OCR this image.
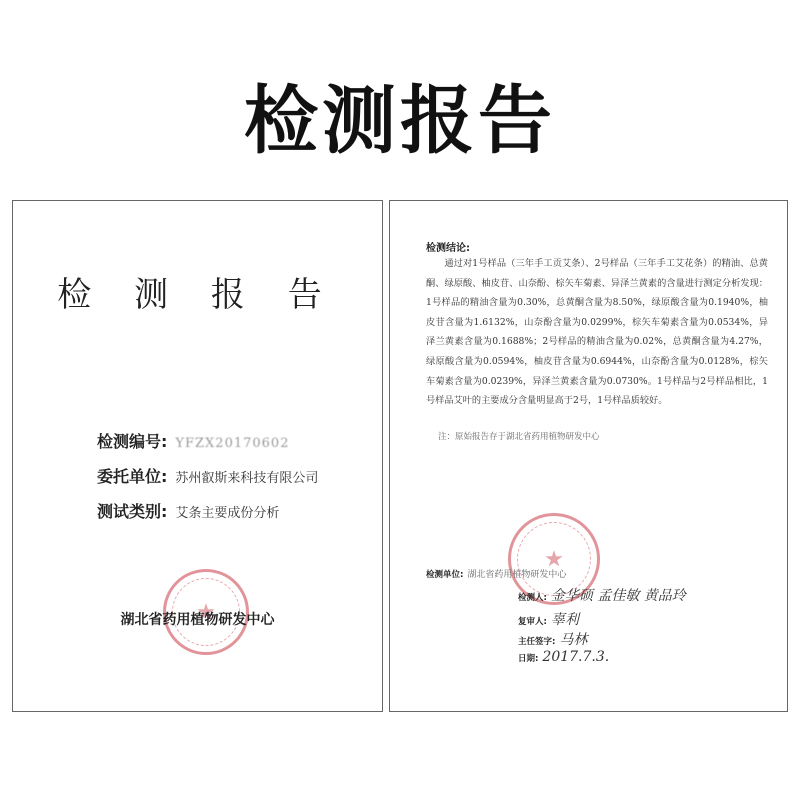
检测报告
检 测 报 告
检测编号: YFZX20170602
委托单位: 苏州叡斯来科技有限公司
测试类别: 艾条主要成份分析
湖北省药用植物研发中心
检测结论:
通过对1号样品（三年手工贡艾条）、2号样品（三年手工艾花条）的精油、总黄酮、绿原酸、柚皮苷、山奈酚、棕矢车菊素、异泽兰黄素的含量进行测定分析发现：1号样品的精油含量为0.30%，总黄酮含量为8.50%，绿原酸含量为0.1940%，柚皮苷含量为1.6132%，山奈酚含量为0.0299%，棕矢车菊素含量为0.0534%，异泽兰黄素含量为0.1688%；2号样品的精油含量为0.02%，总黄酮含量为4.27%，绿原酸含量为0.0594%，柚皮苷含量为0.6944%，山奈酚含量为0.0128%，棕矢车菊素含量为0.0239%，异泽兰黄素含量为0.0730%。1号样品与2号样品相比，1号样品艾叶的主要成分含量明显高于2号，1号样品质较好。
注：原始报告存于湖北省药用植物研发中心
检测单位: 湖北省药用植物研发中心
检测人: 金华硕 孟佳敏 黄品玲
复审人: 辜利
主任签字: 马林
日期: 2017.7.3.
